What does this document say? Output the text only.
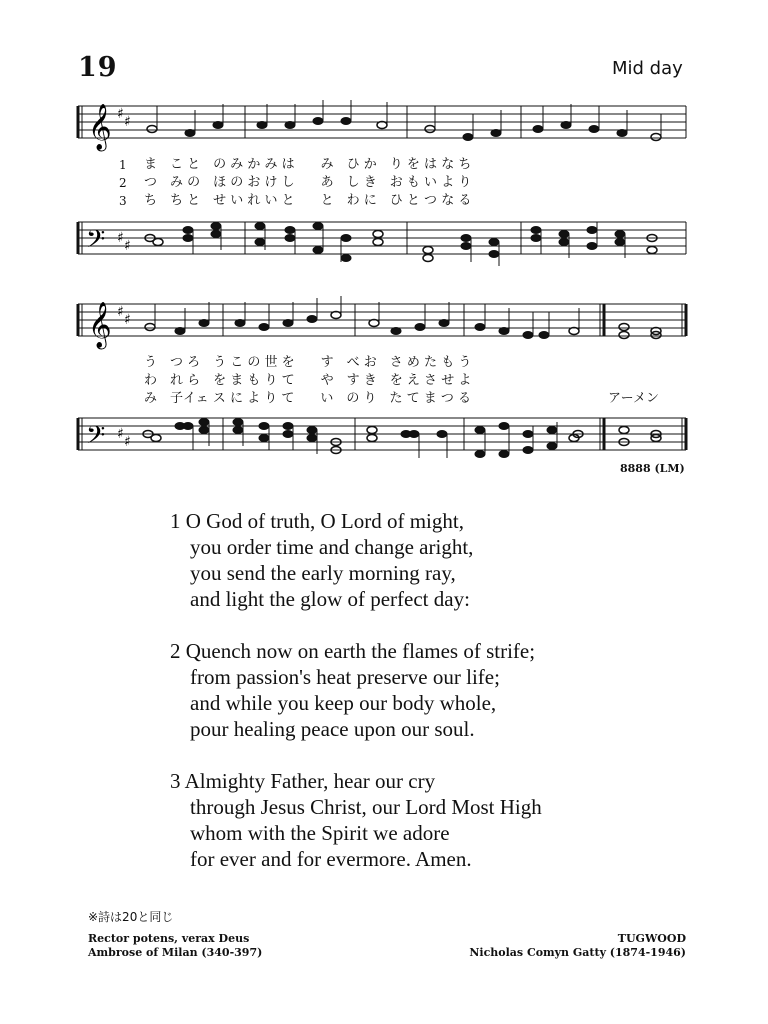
19	Mid day
𝄞 ♯ ♯
1
2
3
ま　こ と　の み か み は　　み　ひ か　り を は な ち
つ　み の　ほ の お け し　　あ　し き　お も い よ り
ち　ち と　せ い れ い と　　と　わ に　ひ と つ な る
𝄢 ♯ ♯
𝄞 ♯ ♯
う　つ ろ　う こ の 世 を　　す　べ お　さ め た も う
わ　れ ら　を ま も り て　　や　す き　を え さ せ よ
み　子イェ ス に よ り て　　い　の り　た て ま つ る	アーメン
𝄢 ♯ ♯
8888 (LM)
1 O God of truth, O Lord of might,
you order time and change aright,
you send the early morning ray,
and light the glow of perfect day:
2 Quench now on earth the flames of strife;
from passion's heat preserve our life;
and while you keep our body whole,
pour healing peace upon our soul.
3 Almighty Father, hear our cry
through Jesus Christ, our Lord Most High
whom with the Spirit we adore
for ever and for evermore. Amen.
※詩は20と同じ
Rector potens, verax Deus
Ambrose of Milan (340-397)
TUGWOOD
Nicholas Comyn Gatty (1874-1946)
